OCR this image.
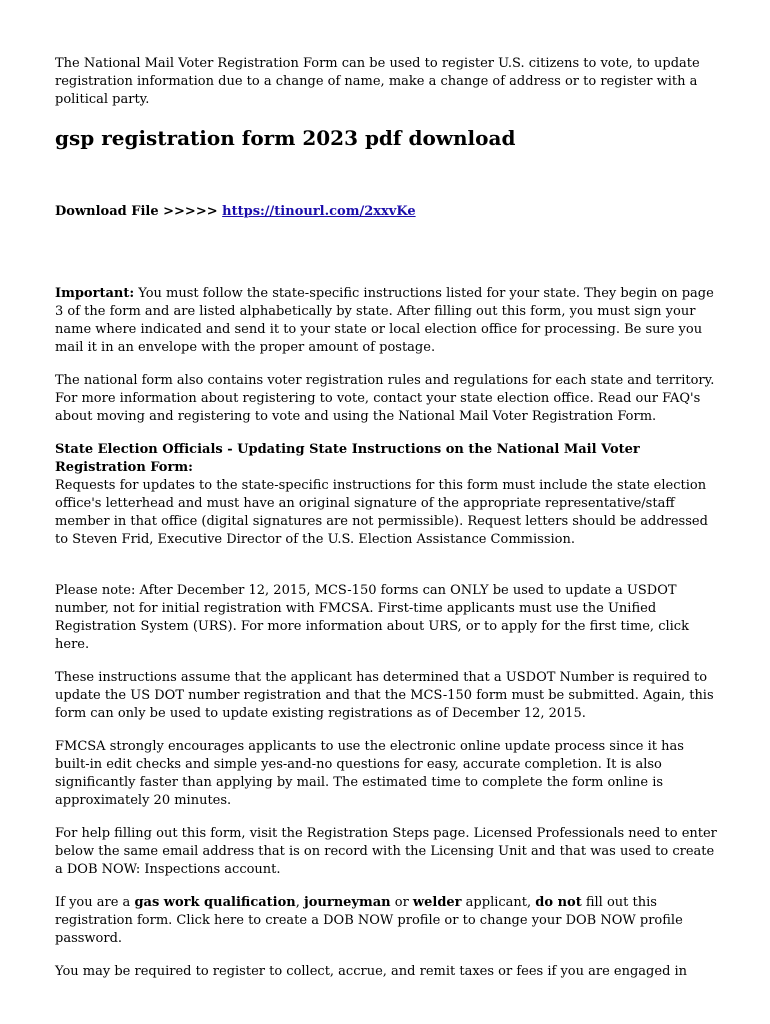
The National Mail Voter Registration Form can be used to register U.S. citizens to vote, to update registration information due to a change of name, make a change of address or to register with a political party.

gsp registration form 2023 pdf download

Download File >>>>> https://tinourl.com/2xxvKe

Important: You must follow the state-specific instructions listed for your state. They begin on page 3 of the form and are listed alphabetically by state. After filling out this form, you must sign your name where indicated and send it to your state or local election office for processing. Be sure you mail it in an envelope with the proper amount of postage.

The national form also contains voter registration rules and regulations for each state and territory. For more information about registering to vote, contact your state election office. Read our FAQ's about moving and registering to vote and using the National Mail Voter Registration Form.

State Election Officials - Updating State Instructions on the National Mail Voter Registration Form:

Requests for updates to the state-specific instructions for this form must include the state election office's letterhead and must have an original signature of the appropriate representative/staff member in that office (digital signatures are not permissible). Request letters should be addressed to Steven Frid, Executive Director of the U.S. Election Assistance Commission.

Please note: After December 12, 2015, MCS-150 forms can ONLY be used to update a USDOT number, not for initial registration with FMCSA. First-time applicants must use the Unified Registration System (URS). For more information about URS, or to apply for the first time, click here.

These instructions assume that the applicant has determined that a USDOT Number is required to update the US DOT number registration and that the MCS-150 form must be submitted. Again, this form can only be used to update existing registrations as of December 12, 2015.

FMCSA strongly encourages applicants to use the electronic online update process since it has built-in edit checks and simple yes-and-no questions for easy, accurate completion. It is also significantly faster than applying by mail. The estimated time to complete the form online is approximately 20 minutes.

For help filling out this form, visit the Registration Steps page. Licensed Professionals need to enter below the same email address that is on record with the Licensing Unit and that was used to create a DOB NOW: Inspections account.

If you are a gas work qualification, journeyman or welder applicant, do not fill out this registration form. Click here to create a DOB NOW profile or to change your DOB NOW profile password.

You may be required to register to collect, accrue, and remit taxes or fees if you are engaged in
